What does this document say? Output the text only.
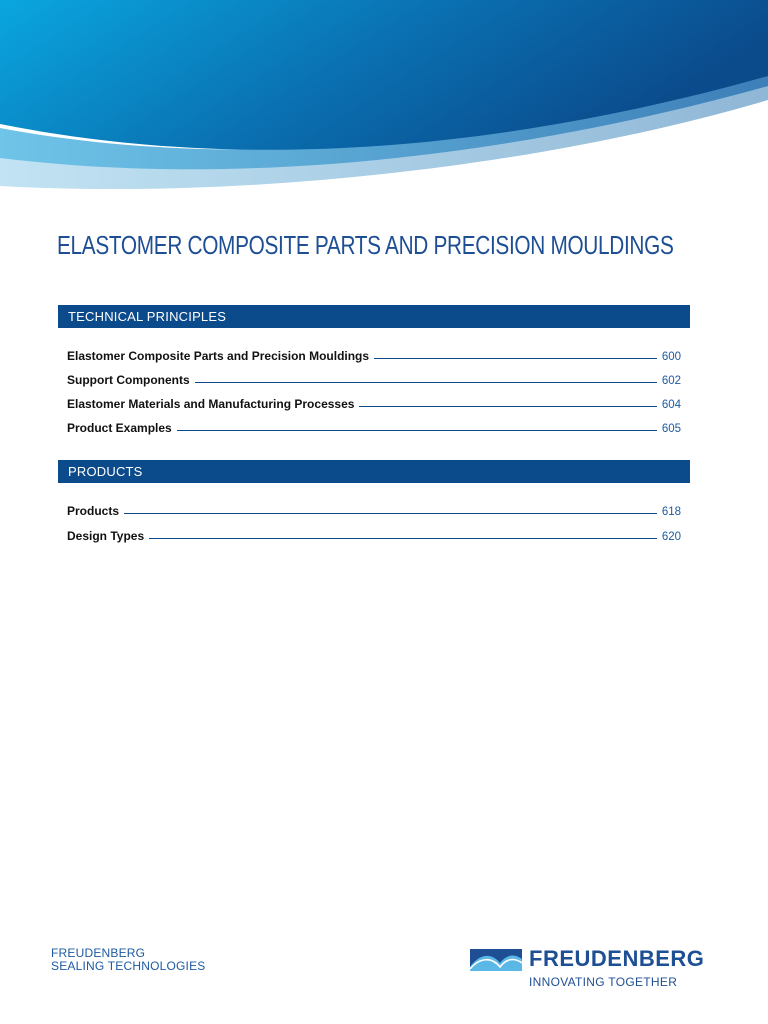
ELASTOMER COMPOSITE PARTS AND PRECISION MOULDINGS
TECHNICAL PRINCIPLES
Elastomer Composite Parts and Precision Mouldings	600
Support Components	602
Elastomer Materials and Manufacturing Processes	604
Product Examples	605
PRODUCTS
Products	618
Design Types	620
FREUDENBERG
SEALING TECHNOLOGIES	FREUDENBERG
INNOVATING TOGETHER
